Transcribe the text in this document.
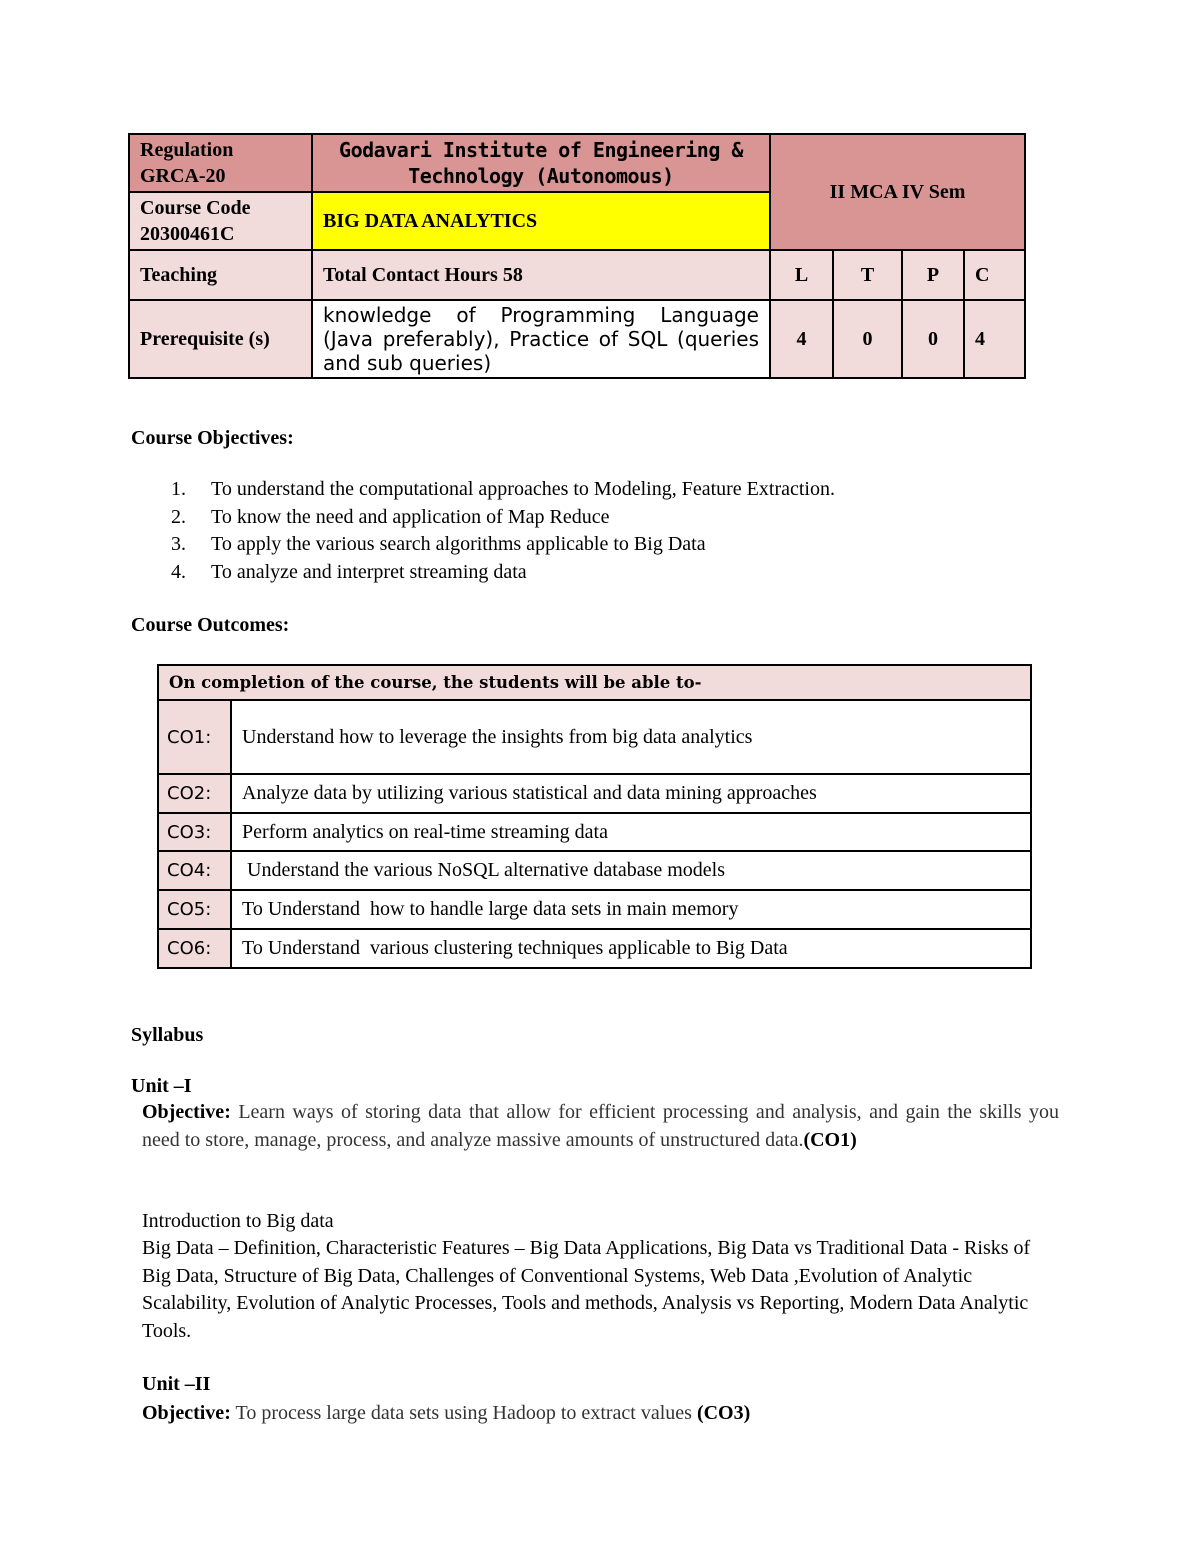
Regulation
GRCA-20	Godavari Institute of Engineering & Technology (Autonomous)	II MCA IV Sem			

Course Code
20300461C	BIG DATA ANALYTICS				
Teaching	Total Contact Hours 58	L	T	P	C
Prerequisite (s)	knowledge of Programming Language (Java preferably), Practice of SQL (queries and sub queries)	4	0	0	4
Course Objectives:
1. To understand the computational approaches to Modeling, Feature Extraction.
2. To know the need and application of Map Reduce
3. To apply the various search algorithms applicable to Big Data
4. To analyze and interpret streaming data
Course Outcomes:
On completion of the course, the students will be able to-	
CO1:	Understand how to leverage the insights from big data analytics
CO2:	Analyze data by utilizing various statistical and data mining approaches
CO3:	Perform analytics on real-time streaming data
CO4:	Understand the various NoSQL alternative database models
CO5:	To Understand  how to handle large data sets in main memory
CO6:	To Understand  various clustering techniques applicable to Big Data
Syllabus
Unit –I
Objective: Learn ways of storing data that allow for efficient processing and analysis, and gain the skills you need to store, manage, process, and analyze massive amounts of unstructured data.(CO1)
Introduction to Big data
Big Data – Definition, Characteristic Features – Big Data Applications, Big Data vs Traditional Data - Risks of Big Data, Structure of Big Data, Challenges of Conventional Systems, Web Data ,Evolution of Analytic Scalability, Evolution of Analytic Processes, Tools and methods, Analysis vs Reporting, Modern Data Analytic Tools.
Unit –II
Objective: To process large data sets using Hadoop to extract values (CO3)
